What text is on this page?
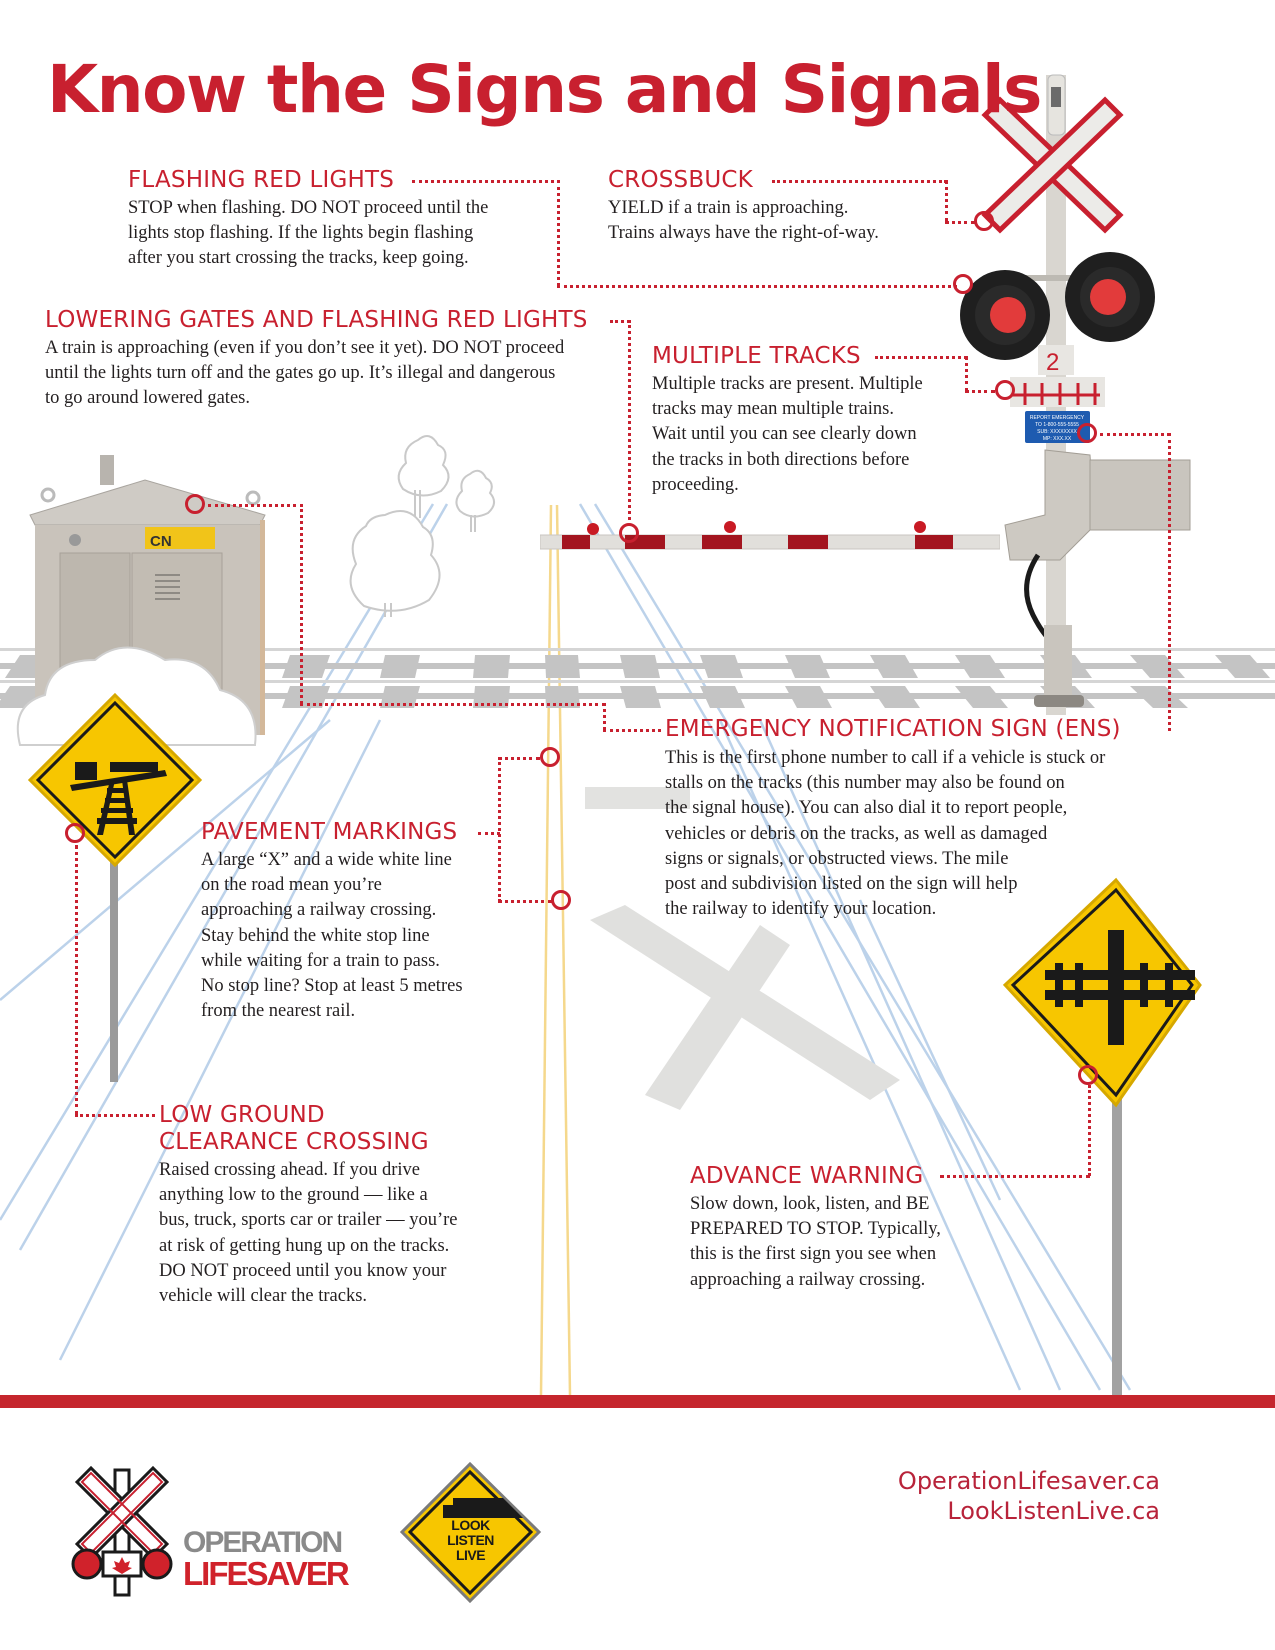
CN
2
REPORT EMERGENCY
TO 1-800-555-5555
SUB: XXXXXXXX
MP: XXX.XX
Know the Signs and Signals
FLASHING RED LIGHTS
STOP when flashing. DO NOT proceed until the
lights stop flashing. If the lights begin flashing
after you start crossing the tracks, keep going.
CROSSBUCK
YIELD if a train is approaching.
Trains always have the right-of-way.
LOWERING GATES AND FLASHING RED LIGHTS
A train is approaching (even if you don’t see it yet). DO NOT proceed
until the lights turn off and the gates go up. It’s illegal and dangerous
to go around lowered gates.
MULTIPLE TRACKS
Multiple tracks are present. Multiple
tracks may mean multiple trains.
Wait until you can see clearly down
the tracks in both directions before
proceeding.
EMERGENCY NOTIFICATION SIGN (ENS)
This is the first phone number to call if a vehicle is stuck or
stalls on the tracks (this number may also be found on
the signal house). You can also dial it to report people,
vehicles or debris on the tracks, as well as damaged
signs or signals, or obstructed views. The mile
post and subdivision listed on the sign will help
the railway to identify your location.
PAVEMENT MARKINGS
A large “X” and a wide white line
on the road mean you’re
approaching a railway crossing.
Stay behind the white stop line
while waiting for a train to pass.
No stop line? Stop at least 5 metres
from the nearest rail.
LOW GROUND
CLEARANCE CROSSING
Raised crossing ahead. If you drive
anything low to the ground — like a
bus, truck, sports car or trailer — you’re
at risk of getting hung up on the tracks.
DO NOT proceed until you know your
vehicle will clear the tracks.
ADVANCE WARNING
Slow down, look, listen, and BE
PREPARED TO STOP. Typically,
this is the first sign you see when
approaching a railway crossing.
OPERATION
LIFESAVER
LOOK
LISTEN
LIVE
OperationLifesaver.ca
LookListenLive.ca
